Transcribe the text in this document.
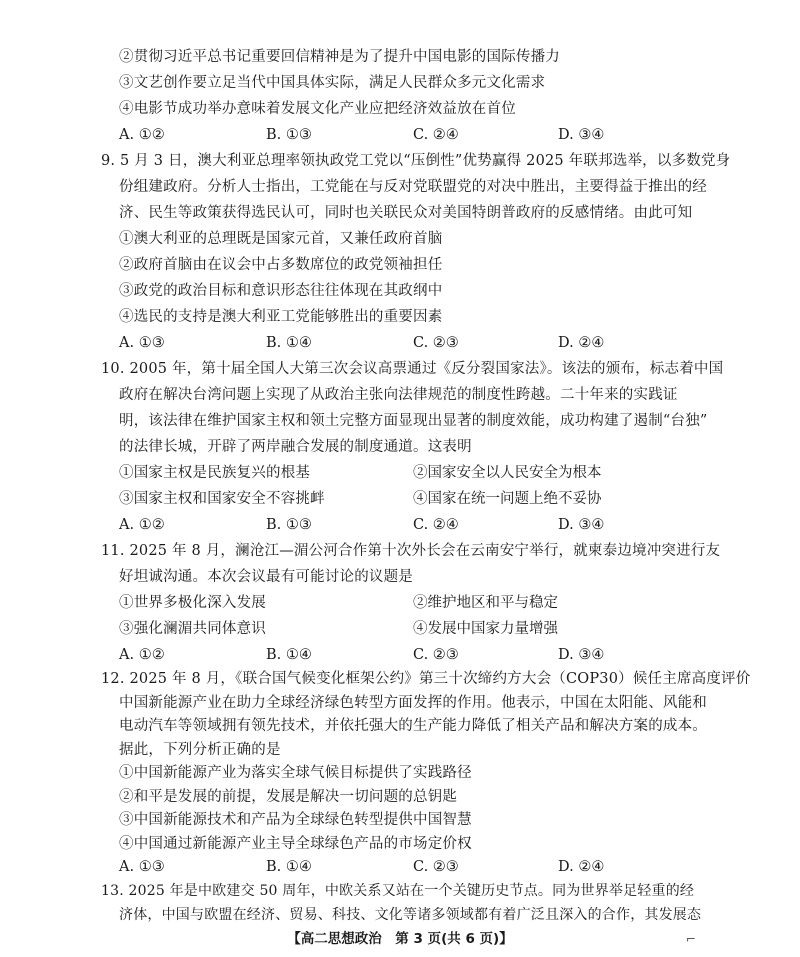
②贯彻习近平总书记重要回信精神是为了提升中国电影的国际传播力
③文艺创作要立足当代中国具体实际，满足人民群众多元文化需求
④电影节成功举办意味着发展文化产业应把经济效益放在首位
A. ①②	B. ①③	C. ②④	D. ③④
9. 5 月 3 日，澳大利亚总理率领执政党工党以“压倒性”优势赢得 2025 年联邦选举，以多数党身
份组建政府。分析人士指出，工党能在与反对党联盟党的对决中胜出，主要得益于推出的经
济、民生等政策获得选民认可，同时也关联民众对美国特朗普政府的反感情绪。由此可知
①澳大利亚的总理既是国家元首，又兼任政府首脑
②政府首脑由在议会中占多数席位的政党领袖担任
③政党的政治目标和意识形态往往体现在其政纲中
④选民的支持是澳大利亚工党能够胜出的重要因素
A. ①③	B. ①④	C. ②③	D. ②④
10. 2005 年，第十届全国人大第三次会议高票通过《反分裂国家法》。该法的颁布，标志着中国
政府在解决台湾问题上实现了从政治主张向法律规范的制度性跨越。二十年来的实践证
明，该法律在维护国家主权和领土完整方面显现出显著的制度效能，成功构建了遏制“台独”
的法律长城，开辟了两岸融合发展的制度通道。这表明
①国家主权是民族复兴的根基	②国家安全以人民安全为根本
③国家主权和国家安全不容挑衅	④国家在统一问题上绝不妥协
A. ①②	B. ①③	C. ②④	D. ③④
11. 2025 年 8 月，澜沧江—湄公河合作第十次外长会在云南安宁举行，就柬泰边境冲突进行友
好坦诚沟通。本次会议最有可能讨论的议题是
①世界多极化深入发展	②维护地区和平与稳定
③强化澜湄共同体意识	④发展中国家力量增强
A. ①②	B. ①④	C. ②③	D. ③④
12. 2025 年 8 月，《联合国气候变化框架公约》第三十次缔约方大会（COP30）候任主席高度评价
中国新能源产业在助力全球经济绿色转型方面发挥的作用。他表示，中国在太阳能、风能和
电动汽车等领域拥有领先技术，并依托强大的生产能力降低了相关产品和解决方案的成本。
据此，下列分析正确的是
①中国新能源产业为落实全球气候目标提供了实践路径
②和平是发展的前提，发展是解决一切问题的总钥匙
③中国新能源技术和产品为全球绿色转型提供中国智慧
④中国通过新能源产业主导全球绿色产品的市场定价权
A. ①③	B. ①④	C. ②③	D. ②④
13. 2025 年是中欧建交 50 周年，中欧关系又站在一个关键历史节点。同为世界举足轻重的经
济体，中国与欧盟在经济、贸易、科技、文化等诸多领域都有着广泛且深入的合作，其发展态
【高二思想政治　第 3 页(共 6 页)】	⌐
